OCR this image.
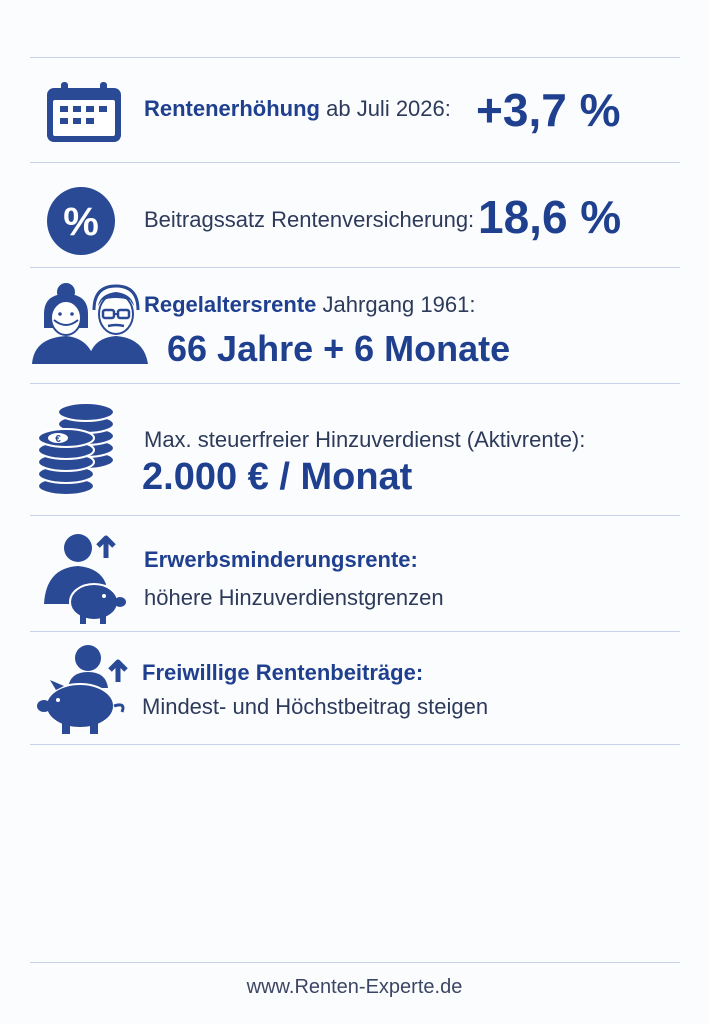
Rentenerhöhung ab Juli 2026: +3,7 %
% Beitragssatz Rentenversicherung: 18,6 %
Regelaltersrente Jahrgang 1961:
66 Jahre + 6 Monate
€	Max. steuerfreier Hinzuverdienst (Aktivrente):
2.000 € / Monat
Erwerbsminderungsrente:
höhere Hinzuverdienstgrenzen
Freiwillige Rentenbeiträge:
Mindest- und Höchstbeitrag steigen
www.Renten-Experte.de
